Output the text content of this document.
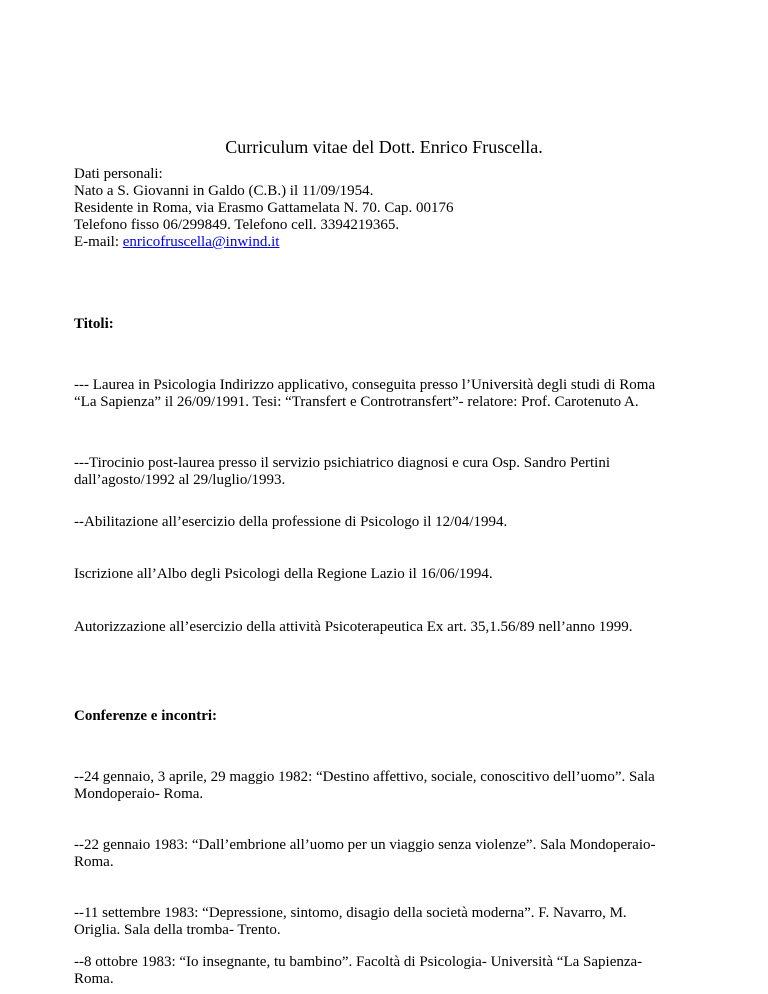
Curriculum vitae del Dott. Enrico Fruscella.
Dati personali:
Nato a S. Giovanni in Galdo (C.B.) il 11/09/1954.
Residente in Roma, via Erasmo Gattamelata N. 70. Cap. 00176
Telefono fisso 06/299849. Telefono cell. 3394219365.
E-mail: enricofruscella@inwind.it
Titoli:
--- Laurea in Psicologia Indirizzo applicativo, conseguita presso l’Università degli studi di Roma
“La Sapienza” il 26/09/1991. Tesi: “Transfert e Controtransfert”- relatore: Prof. Carotenuto A.
---Tirocinio post-laurea presso il servizio psichiatrico diagnosi e cura Osp. Sandro Pertini
dall’agosto/1992 al 29/luglio/1993.
--Abilitazione all’esercizio della professione di Psicologo il 12/04/1994.
Iscrizione all’Albo degli Psicologi della Regione Lazio il 16/06/1994.
Autorizzazione all’esercizio della attività Psicoterapeutica Ex art. 35,1.56/89 nell’anno 1999.
Conferenze e incontri:
--24 gennaio, 3 aprile, 29 maggio 1982: “Destino affettivo, sociale, conoscitivo dell’uomo”. Sala
Mondoperaio- Roma.
--22 gennaio 1983: “Dall’embrione all’uomo per un viaggio senza violenze”. Sala Mondoperaio-
Roma.
--11 settembre 1983: “Depressione, sintomo, disagio della società moderna”. F. Navarro, M.
Origlia. Sala della tromba- Trento.
--8 ottobre 1983: “Io insegnante, tu bambino”. Facoltà di Psicologia- Università “La Sapienza-
Roma.
